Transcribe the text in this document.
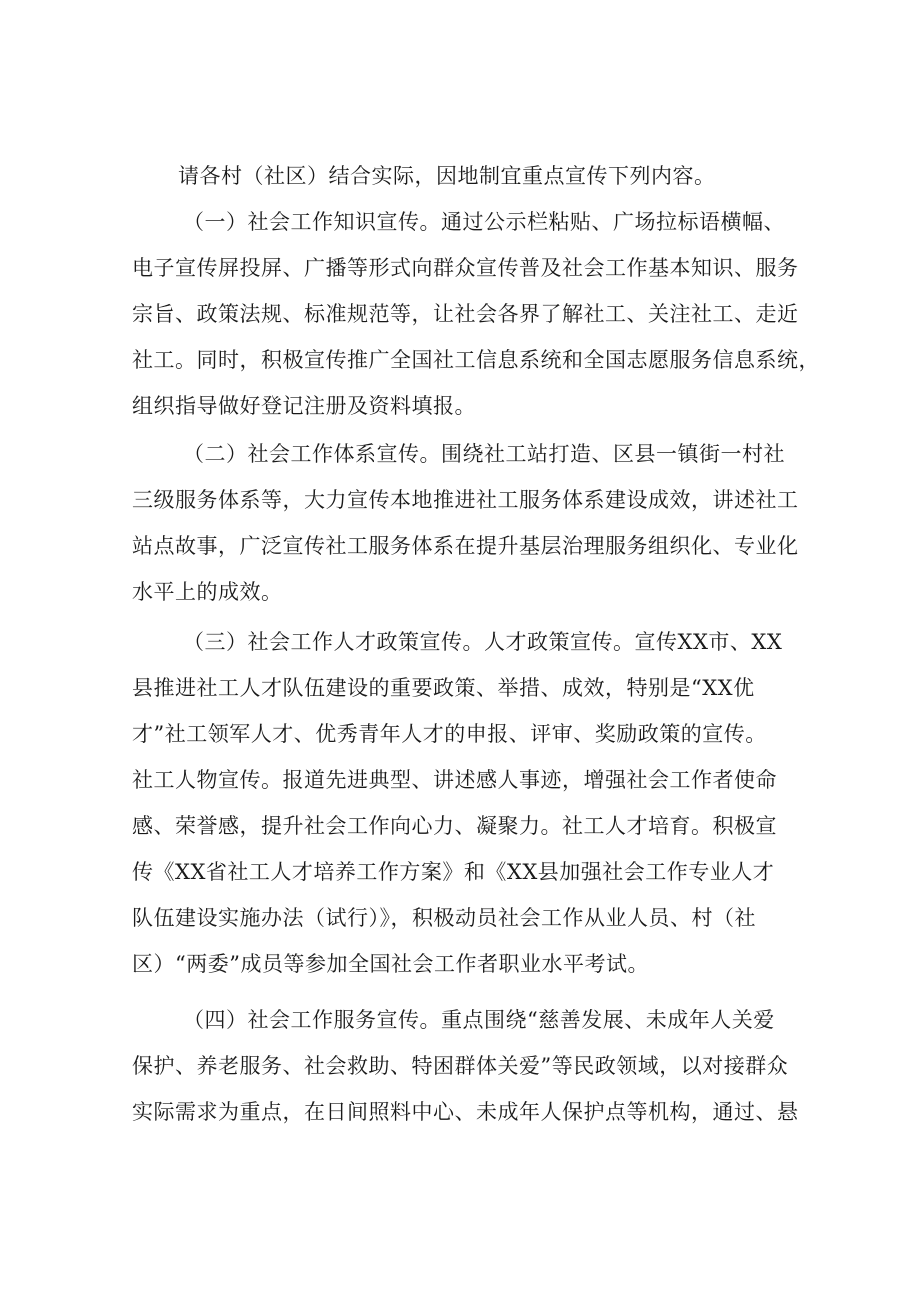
请各村（社区）结合实际，因地制宜重点宣传下列内容。
（一）社会工作知识宣传。通过公示栏粘贴、广场拉标语横幅、
电子宣传屏投屏、广播等形式向群众宣传普及社会工作基本知识、服务
宗旨、政策法规、标准规范等，让社会各界了解社工、关注社工、走近
社工。同时，积极宣传推广全国社工信息系统和全国志愿服务信息系统，
组织指导做好登记注册及资料填报。
（二）社会工作体系宣传。围绕社工站打造、区县一镇街一村社
三级服务体系等，大力宣传本地推进社工服务体系建设成效，讲述社工
站点故事，广泛宣传社工服务体系在提升基层治理服务组织化、专业化
水平上的成效。
（三）社会工作人才政策宣传。人才政策宣传。宣传XX市、XX
县推进社工人才队伍建设的重要政策、举措、成效，特别是“XX优
才”社工领军人才、优秀青年人才的申报、评审、奖励政策的宣传。
社工人物宣传。报道先进典型、讲述感人事迹，增强社会工作者使命
感、荣誉感，提升社会工作向心力、凝聚力。社工人才培育。积极宣
传《XX省社工人才培养工作方案》和《XX县加强社会工作专业人才
队伍建设实施办法（试行）》，积极动员社会工作从业人员、村（社
区）“两委”成员等参加全国社会工作者职业水平考试。
（四）社会工作服务宣传。重点围绕“慈善发展、未成年人关爱
保护、养老服务、社会救助、特困群体关爱”等民政领域，以对接群众
实际需求为重点，在日间照料中心、未成年人保护点等机构，通过、悬
